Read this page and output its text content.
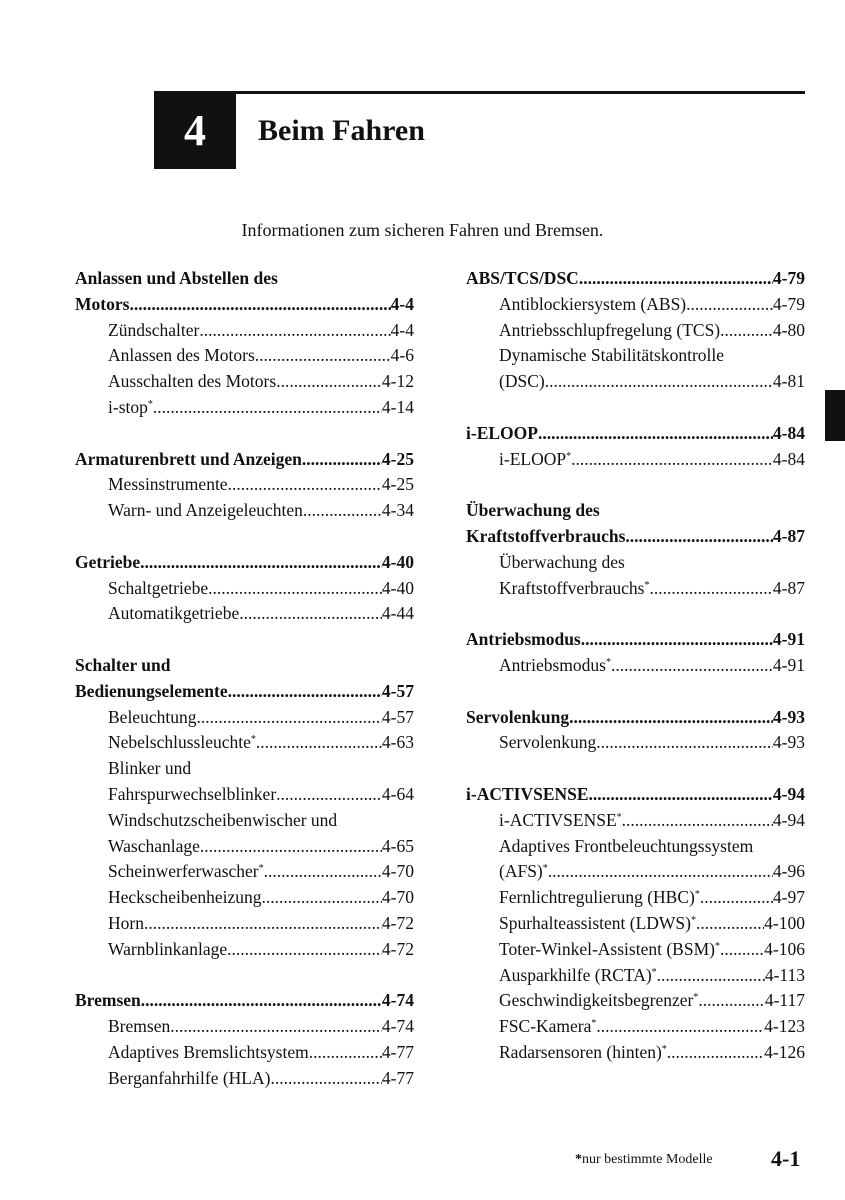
4 Beim Fahren
Informationen zum sicheren Fahren und Bremsen.
Anlassen und Abstellen des
Motors .....	4-4
Zündschalter .....	4-4
Anlassen des Motors .....	4-6
Ausschalten des Motors .....	4-12
i-stop* .....	4-14
Armaturenbrett und Anzeigen .....	4-25
Messinstrumente .....	4-25
Warn- und Anzeigeleuchten .....	4-34
Getriebe .....	4-40
Schaltgetriebe .....	4-40
Automatikgetriebe .....	4-44
Schalter und
Bedienungselemente .....	4-57
Beleuchtung .....	4-57
Nebelschlussleuchte* .....	4-63
Blinker und
Fahrspurwechselblinker .....	4-64
Windschutzscheibenwischer und
Waschanlage .....	4-65
Scheinwerferwascher* .....	4-70
Heckscheibenheizung .....	4-70
Horn .....	4-72
Warnblinkanlage .....	4-72
Bremsen .....	4-74
Bremsen .....	4-74
Adaptives Bremslichtsystem .....	4-77
Berganfahrhilfe (HLA) .....	4-77
ABS/TCS/DSC .....	4-79
Antiblockiersystem (ABS) .....	4-79
Antriebsschlupfregelung (TCS) .....	4-80
Dynamische Stabilitätskontrolle
(DSC) .....	4-81
i-ELOOP .....	4-84
i-ELOOP* .....	4-84
Überwachung des
Kraftstoffverbrauchs .....	4-87
Überwachung des
Kraftstoffverbrauchs* .....	4-87
Antriebsmodus .....	4-91
Antriebsmodus* .....	4-91
Servolenkung .....	4-93
Servolenkung .....	4-93
i-ACTIVSENSE .....	4-94
i-ACTIVSENSE* .....	4-94
Adaptives Frontbeleuchtungssystem
(AFS)* .....	4-96
Fernlichtregulierung (HBC)* .....	4-97
Spurhalteassistent (LDWS)* .....	4-100
Toter-Winkel-Assistent (BSM)* .....	4-106
Ausparkhilfe (RCTA)* .....	4-113
Geschwindigkeitsbegrenzer* .....	4-117
FSC-Kamera* .....	4-123
Radarsensoren (hinten)* .....	4-126
*nur bestimmte Modelle	4-1
